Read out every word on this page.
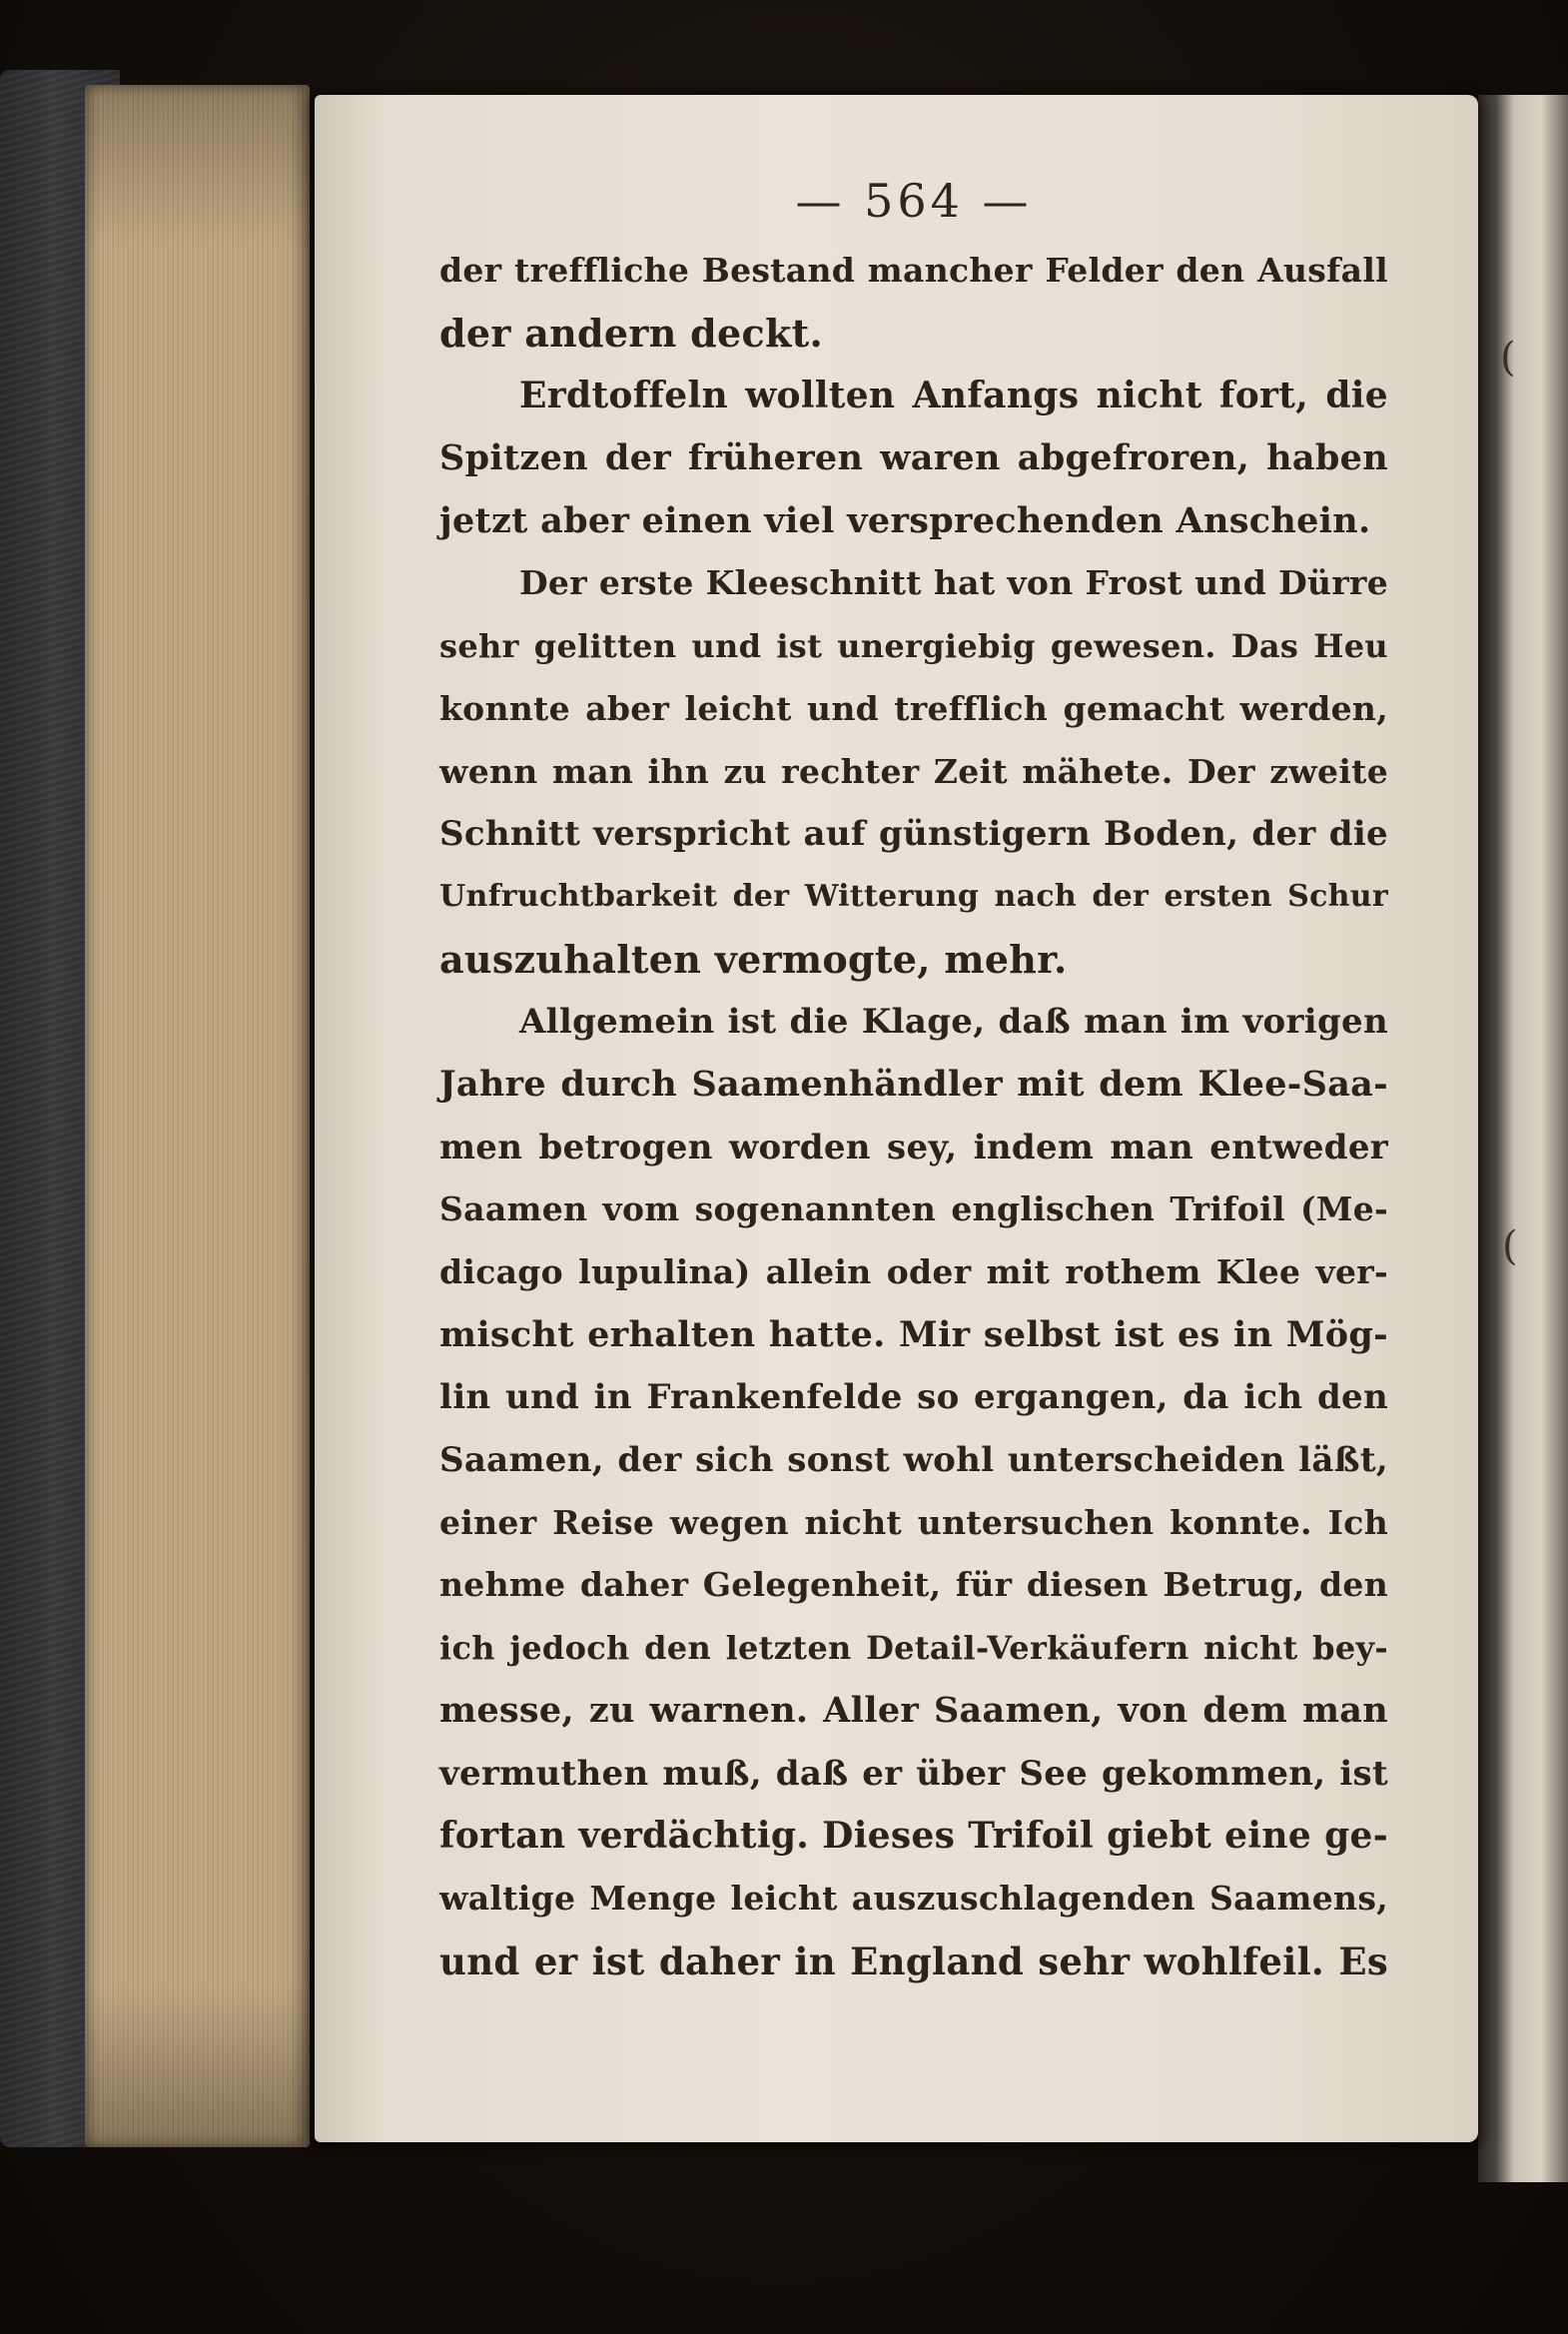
(
(
— 564 —
der treffliche Bestand mancher Felder den Ausfall
der andern deckt.
Erdtoffeln wollten Anfangs nicht fort, die
Spitzen der früheren waren abgefroren, haben
jetzt aber einen viel versprechenden Anschein.
Der erste Kleeschnitt hat von Frost und Dürre
sehr gelitten und ist unergiebig gewesen. Das Heu
konnte aber leicht und trefflich gemacht werden,
wenn man ihn zu rechter Zeit mähete. Der zweite
Schnitt verspricht auf günstigern Boden, der die
Unfruchtbarkeit der Witterung nach der ersten Schur
auszuhalten vermogte, mehr.
Allgemein ist die Klage, daß man im vorigen
Jahre durch Saamenhändler mit dem Klee-Saa-
men betrogen worden sey, indem man entweder
Saamen vom sogenannten englischen Trifoil (Me-
dicago lupulina) allein oder mit rothem Klee ver-
mischt erhalten hatte. Mir selbst ist es in Mög-
lin und in Frankenfelde so ergangen, da ich den
Saamen, der sich sonst wohl unterscheiden läßt,
einer Reise wegen nicht untersuchen konnte. Ich
nehme daher Gelegenheit, für diesen Betrug, den
ich jedoch den letzten Detail-Verkäufern nicht bey-
messe, zu warnen. Aller Saamen, von dem man
vermuthen muß, daß er über See gekommen, ist
fortan verdächtig. Dieses Trifoil giebt eine ge-
waltige Menge leicht auszuschlagenden Saamens,
und er ist daher in England sehr wohlfeil. Es
